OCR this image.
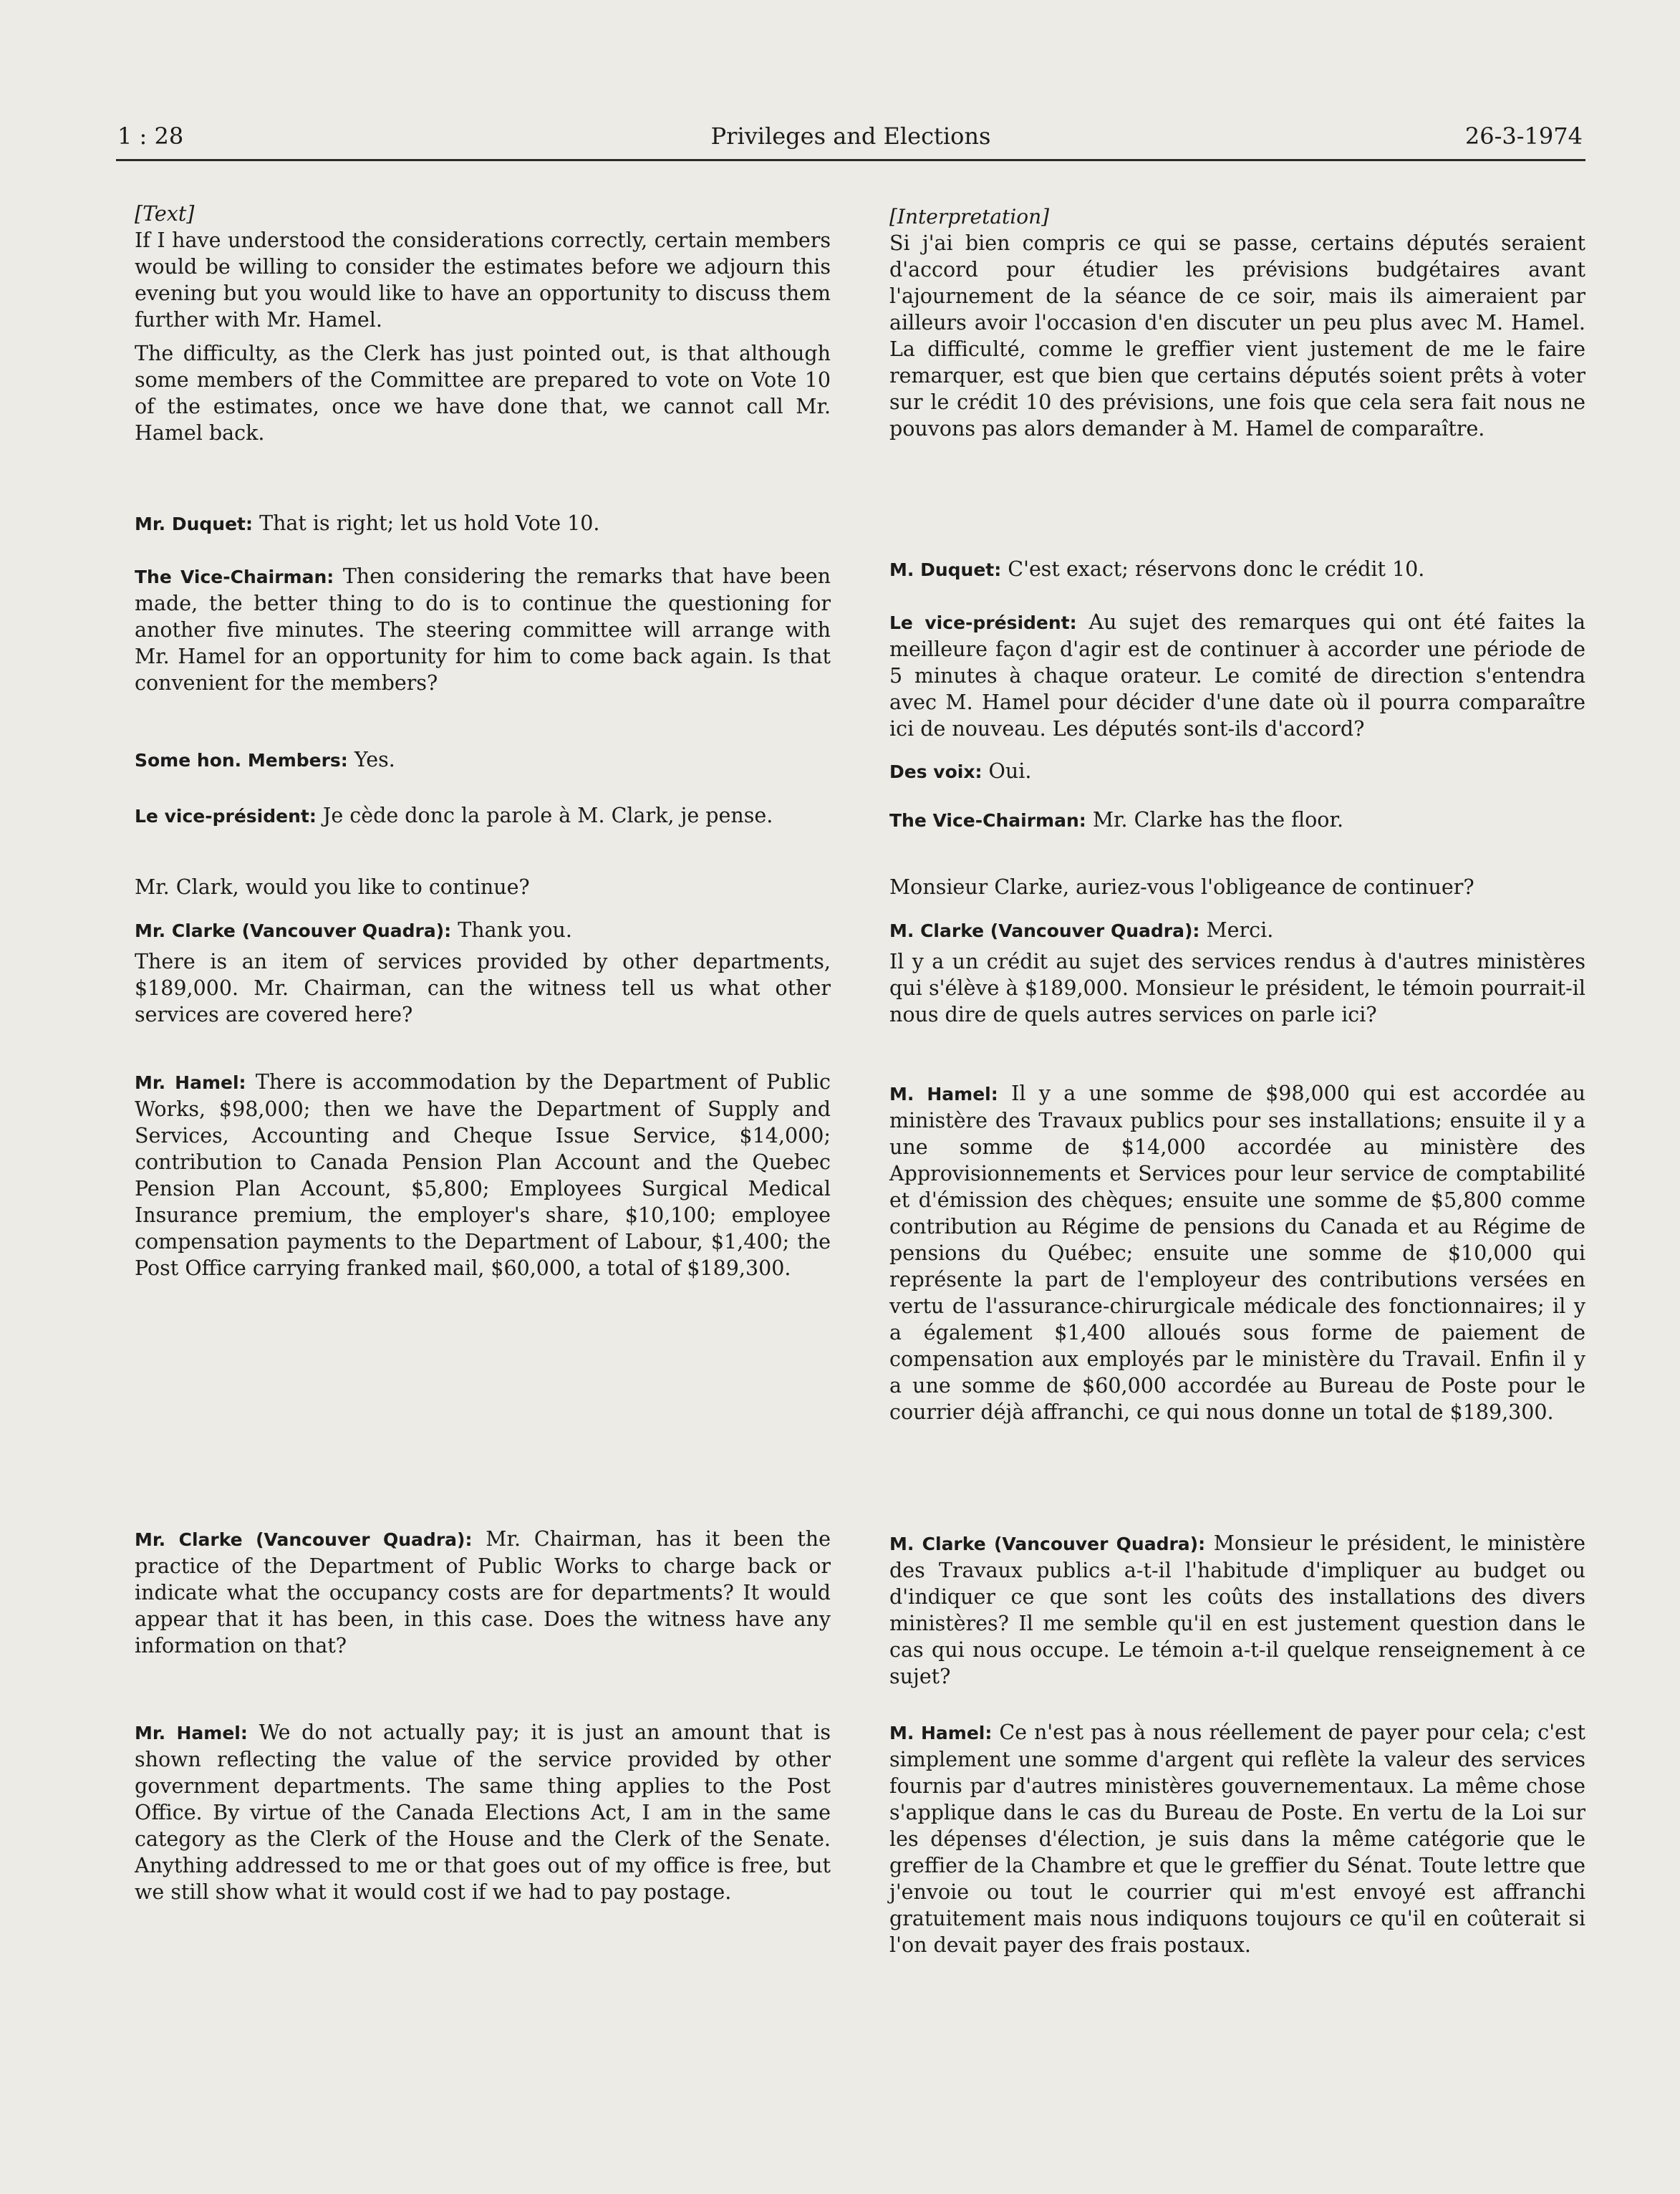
1 : 28	Privileges and Elections	26-3-1974

[Text]

If I have understood the considerations correctly, certain members would be willing to consider the estimates before we adjourn this evening but you would like to have an opportunity to discuss them further with Mr. Hamel.

The difficulty, as the Clerk has just pointed out, is that although some members of the Committee are prepared to vote on Vote 10 of the estimates, once we have done that, we cannot call Mr. Hamel back.

Mr. Duquet: That is right; let us hold Vote 10.
The Vice-Chairman: Then considering the remarks that have been made, the better thing to do is to continue the questioning for another five minutes. The steering committee will arrange with Mr. Hamel for an opportunity for him to come back again. Is that convenient for the members?
Some hon. Members: Yes.
Le vice-président: Je cède donc la parole à M. Clark, je pense.
Mr. Clark, would you like to continue?
Mr. Clarke (Vancouver Quadra): Thank you.

There is an item of services provided by other departments, $189,000. Mr. Chairman, can the witness tell us what other services are covered here?

Mr. Hamel: There is accommodation by the Department of Public Works, $98,000; then we have the Department of Supply and Services, Accounting and Cheque Issue Service, $14,000; contribution to Canada Pension Plan Account and the Quebec Pension Plan Account, $5,800; Employees Surgical Medical Insurance premium, the employer's share, $10,100; employee compensation payments to the Department of Labour, $1,400; the Post Office carrying franked mail, $60,000, a total of $189,300.
Mr. Clarke (Vancouver Quadra): Mr. Chairman, has it been the practice of the Department of Public Works to charge back or indicate what the occupancy costs are for departments? It would appear that it has been, in this case. Does the witness have any information on that?
Mr. Hamel: We do not actually pay; it is just an amount that is shown reflecting the value of the service provided by other government departments. The same thing applies to the Post Office. By virtue of the Canada Elections Act, I am in the same category as the Clerk of the House and the Clerk of the Senate. Anything addressed to me or that goes out of my office is free, but we still show what it would cost if we had to pay postage.

[Interpretation]

Si j'ai bien compris ce qui se passe, certains députés seraient d'accord pour étudier les prévisions budgétaires avant l'ajournement de la séance de ce soir, mais ils aimeraient par ailleurs avoir l'occasion d'en discuter un peu plus avec M. Hamel. La difficulté, comme le greffier vient justement de me le faire remarquer, est que bien que certains députés soient prêts à voter sur le crédit 10 des prévisions, une fois que cela sera fait nous ne pouvons pas alors demander à M. Hamel de comparaître.

M. Duquet: C'est exact; réservons donc le crédit 10.
Le vice-président: Au sujet des remarques qui ont été faites la meilleure façon d'agir est de continuer à accorder une période de 5 minutes à chaque orateur. Le comité de direction s'entendra avec M. Hamel pour décider d'une date où il pourra comparaître ici de nouveau. Les députés sont-ils d'accord?
Des voix: Oui.
The Vice-Chairman: Mr. Clarke has the floor.
Monsieur Clarke, auriez-vous l'obligeance de continuer?
M. Clarke (Vancouver Quadra): Merci.

Il y a un crédit au sujet des services rendus à d'autres ministères qui s'élève à $189,000. Monsieur le président, le témoin pourrait-il nous dire de quels autres services on parle ici?

M. Hamel: Il y a une somme de $98,000 qui est accordée au ministère des Travaux publics pour ses installations; ensuite il y a une somme de $14,000 accordée au ministère des Approvisionnements et Services pour leur service de comptabilité et d'émission des chèques; ensuite une somme de $5,800 comme contribution au Régime de pensions du Canada et au Régime de pensions du Québec; ensuite une somme de $10,000 qui représente la part de l'employeur des contributions versées en vertu de l'assurance-chirurgicale médicale des fonctionnaires; il y a également $1,400 alloués sous forme de paiement de compensation aux employés par le ministère du Travail. Enfin il y a une somme de $60,000 accordée au Bureau de Poste pour le courrier déjà affranchi, ce qui nous donne un total de $189,300.
M. Clarke (Vancouver Quadra): Monsieur le président, le ministère des Travaux publics a-t-il l'habitude d'impliquer au budget ou d'indiquer ce que sont les coûts des installations des divers ministères? Il me semble qu'il en est justement question dans le cas qui nous occupe. Le témoin a-t-il quelque renseignement à ce sujet?
M. Hamel: Ce n'est pas à nous réellement de payer pour cela; c'est simplement une somme d'argent qui reflète la valeur des services fournis par d'autres ministères gouvernementaux. La même chose s'applique dans le cas du Bureau de Poste. En vertu de la Loi sur les dépenses d'élection, je suis dans la même catégorie que le greffier de la Chambre et que le greffier du Sénat. Toute lettre que j'envoie ou tout le courrier qui m'est envoyé est affranchi gratuitement mais nous indiquons toujours ce qu'il en coûterait si l'on devait payer des frais postaux.
